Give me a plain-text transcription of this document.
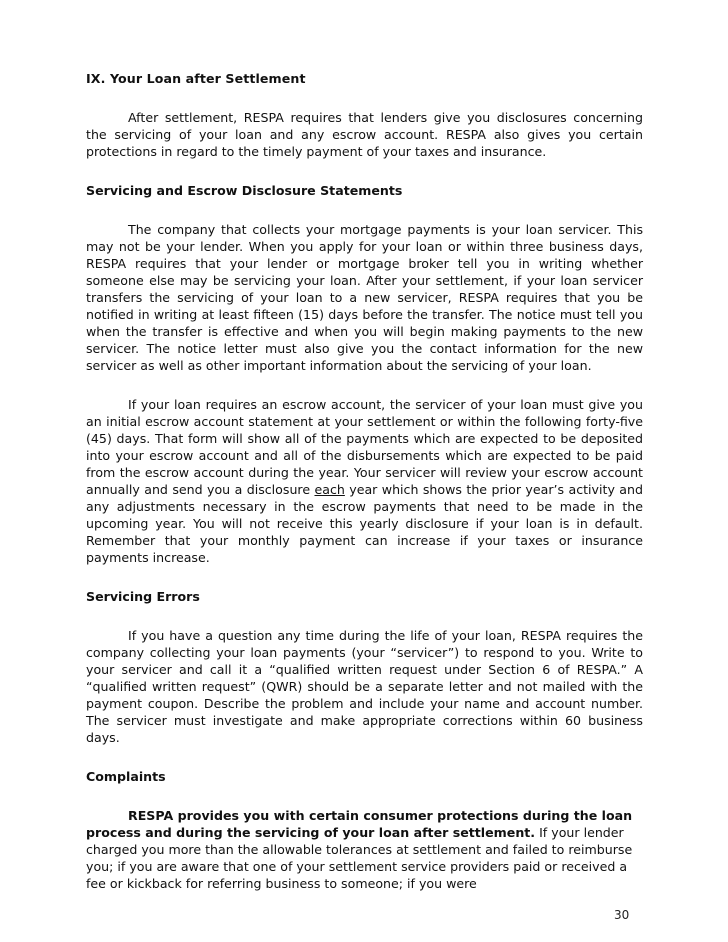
IX. Your Loan after Settlement

After settlement, RESPA requires that lenders give you disclosures concerning the servicing of your loan and any escrow account. RESPA also gives you certain protections in regard to the timely payment of your taxes and insurance.

Servicing and Escrow Disclosure Statements

The company that collects your mortgage payments is your loan servicer. This may not be your lender. When you apply for your loan or within three business days, RESPA requires that your lender or mortgage broker tell you in writing whether someone else may be servicing your loan. After your settlement, if your loan servicer transfers the servicing of your loan to a new servicer, RESPA requires that you be notified in writing at least fifteen (15) days before the transfer. The notice must tell you when the transfer is effective and when you will begin making payments to the new servicer. The notice letter must also give you the contact information for the new servicer as well as other important information about the servicing of your loan.

If your loan requires an escrow account, the servicer of your loan must give you an initial escrow account statement at your settlement or within the following forty-five (45) days. That form will show all of the payments which are expected to be deposited into your escrow account and all of the disbursements which are expected to be paid from the escrow account during the year. Your servicer will review your escrow account annually and send you a disclosure each year which shows the prior year’s activity and any adjustments necessary in the escrow payments that need to be made in the upcoming year. You will not receive this yearly disclosure if your loan is in default. Remember that your monthly payment can increase if your taxes or insurance payments increase.

Servicing Errors

If you have a question any time during the life of your loan, RESPA requires the company collecting your loan payments (your “servicer”) to respond to you. Write to your servicer and call it a “qualified written request under Section 6 of RESPA.” A “qualified written request” (QWR) should be a separate letter and not mailed with the payment coupon. Describe the problem and include your name and account number. The servicer must investigate and make appropriate corrections within 60 business days.

Complaints

RESPA provides you with certain consumer protections during the loan process and during the servicing of your loan after settlement. If your lender charged you more than the allowable tolerances at settlement and failed to reimburse you; if you are aware that one of your settlement service providers paid or received a fee or kickback for referring business to someone; if you were

30
